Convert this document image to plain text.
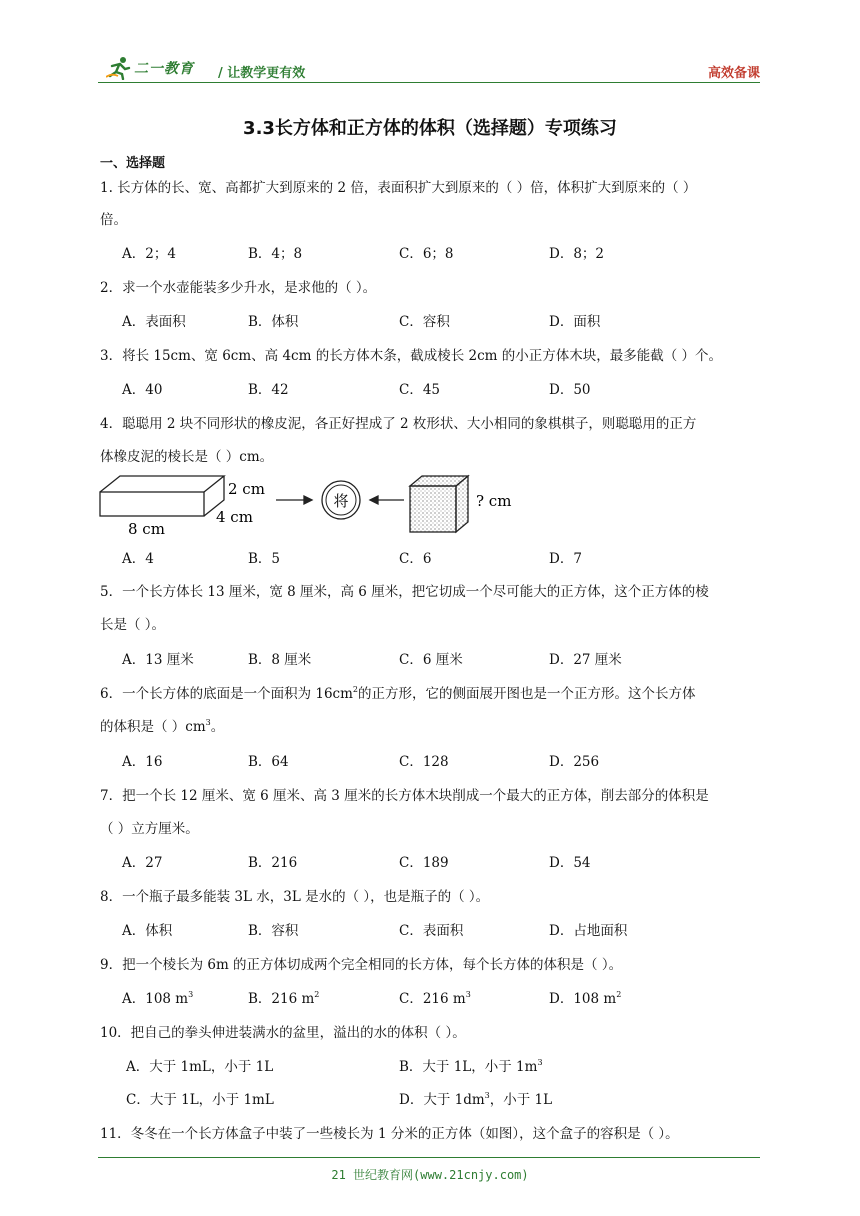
二一教育 / 让教学更有效	高效备课
3.3长方体和正方体的体积（选择题）专项练习
一、选择题
1. 长方体的长、宽、高都扩大到原来的 2 倍，表面积扩大到原来的（ ）倍，体积扩大到原来的（ ）
倍。
A．2；4	B．4；8	C．6；8	D．8；2
2．求一个水壶能装多少升水，是求他的（ ）。
A．表面积	B．体积	C．容积	D．面积
3．将长 15cm、宽 6cm、高 4cm 的长方体木条，截成棱长 2cm 的小正方体木块，最多能截（ ）个。
A．40	B．42	C．45	D．50
4．聪聪用 2 块不同形状的橡皮泥，各正好捏成了 2 枚形状、大小相同的象棋棋子，则聪聪用的正方
体橡皮泥的棱长是（ ）cm。
2 cm
4 cm
8 cm
将	? cm
A．4	B．5	C．6	D．7
5．一个长方体长 13 厘米，宽 8 厘米，高 6 厘米，把它切成一个尽可能大的正方体，这个正方体的棱
长是（ ）。
A．13 厘米	B．8 厘米	C．6 厘米	D．27 厘米
6．一个长方体的底面是一个面积为 $16cm^2$的正方形，它的侧面展开图也是一个正方形。这个长方体
的体积是（ ）$cm^3$。
A．16	B．64	C．128	D．256
7．把一个长 12 厘米、宽 6 厘米、高 3 厘米的长方体木块削成一个最大的正方体，削去部分的体积是
（ ）立方厘米。
A．27	B．216	C．189	D．54
8．一个瓶子最多能装 3L 水，3L 是水的（ ），也是瓶子的（ ）。
A．体积	B．容积	C．表面积	D．占地面积
9．把一个棱长为 6m 的正方体切成两个完全相同的长方体，每个长方体的体积是（ ）。
A．108 $m^3$	B．216 $m^2$	C．216 $m^3$	D．108 $m^2$
10．把自己的拳头伸进装满水的盆里，溢出的水的体积（ ）。
A．大于 1mL，小于 1L	B．大于 1L，小于 $1m^3$
C．大于 1L，小于 1mL	D．大于 $1dm^3$，小于 1L
11．冬冬在一个长方体盒子中装了一些棱长为 1 分米的正方体（如图），这个盒子的容积是（ ）。
21 世纪教育网(www.21cnjy.com)
